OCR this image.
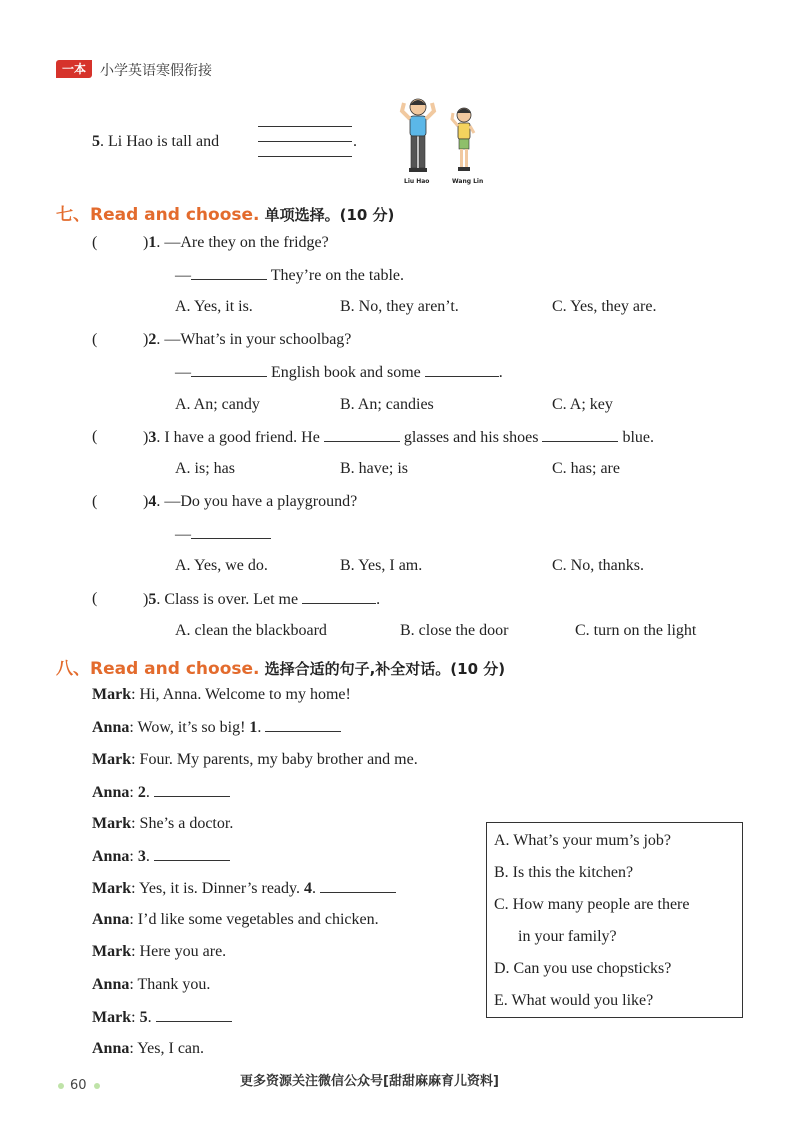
一本	小学英语寒假衔接
5. Li Hao is tall and	.
Liu Hao	Wang Lin
七、Read and choose. 单项选择。(10 分)
(	)1. —Are they on the fridge?
—	They’re on the table.
A. Yes, it is.	B. No, they aren’t.	C. Yes, they are.
(	)2. —What’s in your schoolbag?
—	English book and some	.
A. An; candy	B. An; candies	C. A; key
(	)3. I have a good friend. He	glasses and his shoes	blue.
A. is; has	B. have; is	C. has; are
(	)4. —Do you have a playground?
—
A. Yes, we do.	B. Yes, I am.	C. No, thanks.
(	)5. Class is over. Let me	.
A. clean the blackboard	B. close the door	C. turn on the light
八、Read and choose. 选择合适的句子,补全对话。(10 分)
Mark: Hi, Anna. Welcome to my home!
Anna: Wow, it’s so big! 1.
Mark: Four. My parents, my baby brother and me.
Anna: 2.
Mark: She’s a doctor.
Anna: 3.
Mark: Yes, it is. Dinner’s ready. 4.
Anna: I’d like some vegetables and chicken.
Mark: Here you are.
Anna: Thank you.
Mark: 5.
Anna: Yes, I can.
A. What’s your mum’s job?
B. Is this the kitchen?
C. How many people are there
in your family?
D. Can you use chopsticks?
E. What would you like?
60	更多资源关注微信公众号[甜甜麻麻育儿资料]
